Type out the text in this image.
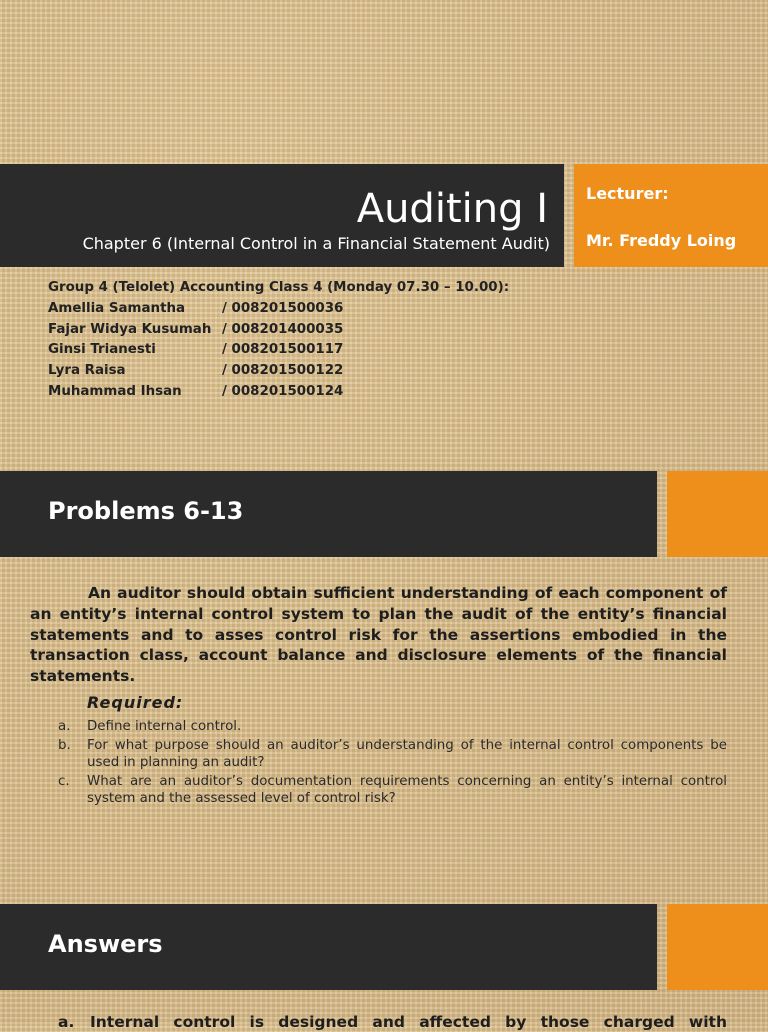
Auditing I
Chapter 6 (Internal Control in a Financial Statement Audit)
Lecturer:
Mr. Freddy Loing
Group 4 (Telolet) Accounting Class 4 (Monday 07.30 – 10.00):
Amellia Samantha	/ 008201500036
Fajar Widya Kusumah / 008201400035
Ginsi Trianesti	/ 008201500117
Lyra Raisa	/ 008201500122
Muhammad Ihsan	/ 008201500124
Problems 6-13

An auditor should obtain sufficient understanding of each component of an entity’s internal control system to plan the audit of the entity’s financial statements and to asses control risk for the assertions embodied in the transaction class, account balance and disclosure elements of the financial statements.

Required:
a.	Define internal control.
b.	For what purpose should an auditor’s understanding of the internal control components be used in planning an audit?
c.	What are an auditor’s documentation requirements concerning an entity’s internal control system and the assessed level of control risk?
Answers
a.	Internal control is designed and affected by those charged with
